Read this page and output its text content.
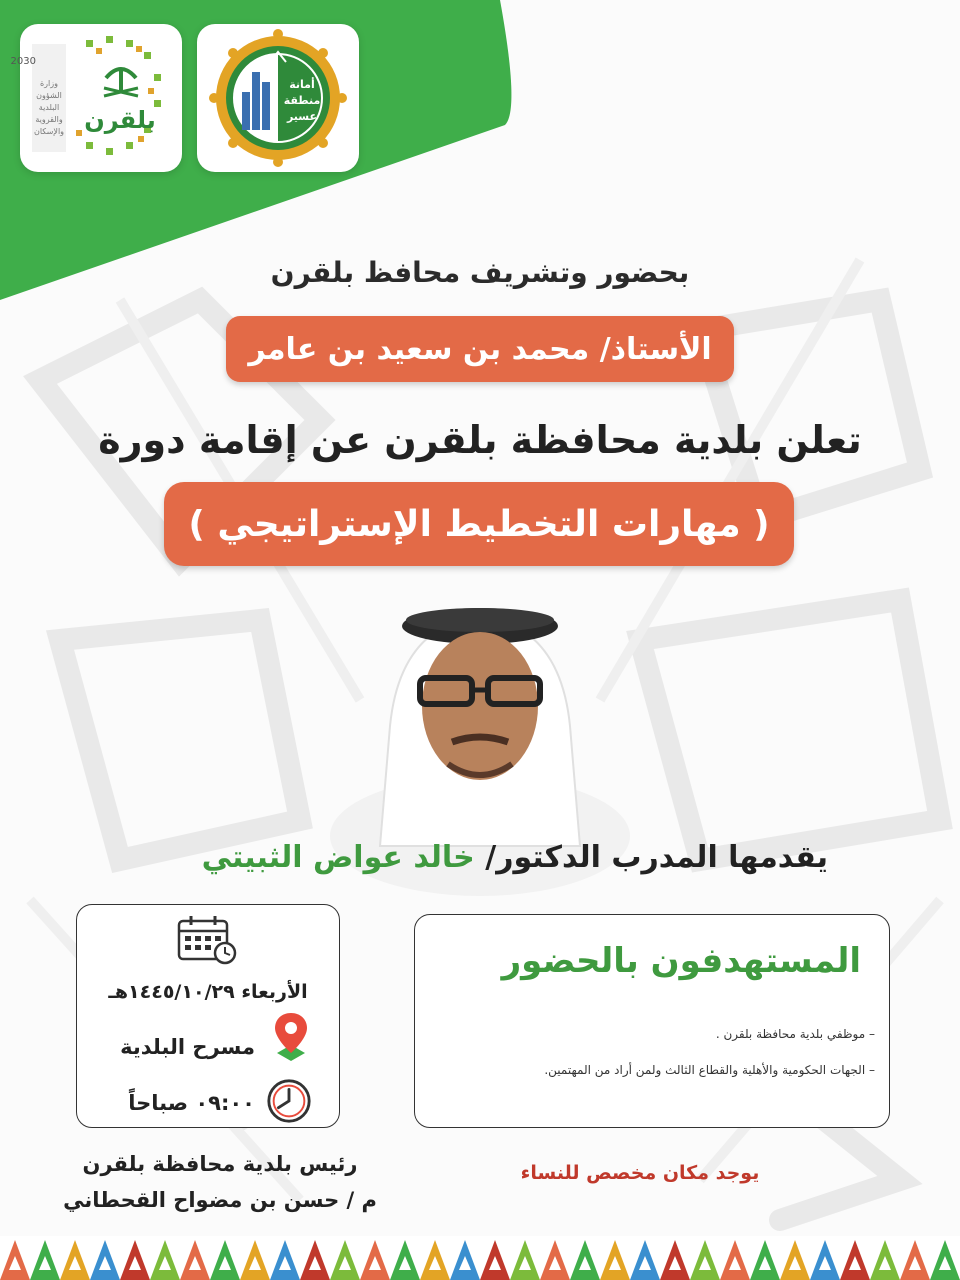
2030
وزارة
الشؤون
البلدية
والقروية
والإسكان بلقرن
أمانة
منطقة
عسير
بحضور وتشريف محافظ بلقرن
الأستاذ/ محمد بن سعيد بن عامر
تعلن بلدية محافظة بلقرن عن إقامة دورة
( مهارات التخطيط الإستراتيجي )
يقدمها المدرب الدكتور/ خالد عواض الثبيتي
الأربعاء ١٤٤٥/١٠/٢٩هـ
مسرح البلدية
٠٩:٠٠ صباحاً
المستهدفون بالحضور
– موظفي بلدية محافظة بلقرن .
– الجهات الحكومية والأهلية والقطاع الثالث ولمن أراد من المهتمين.
رئيس بلدية محافظة بلقرن
م / حسن بن مضواح القحطاني
يوجد مكان مخصص للنساء
